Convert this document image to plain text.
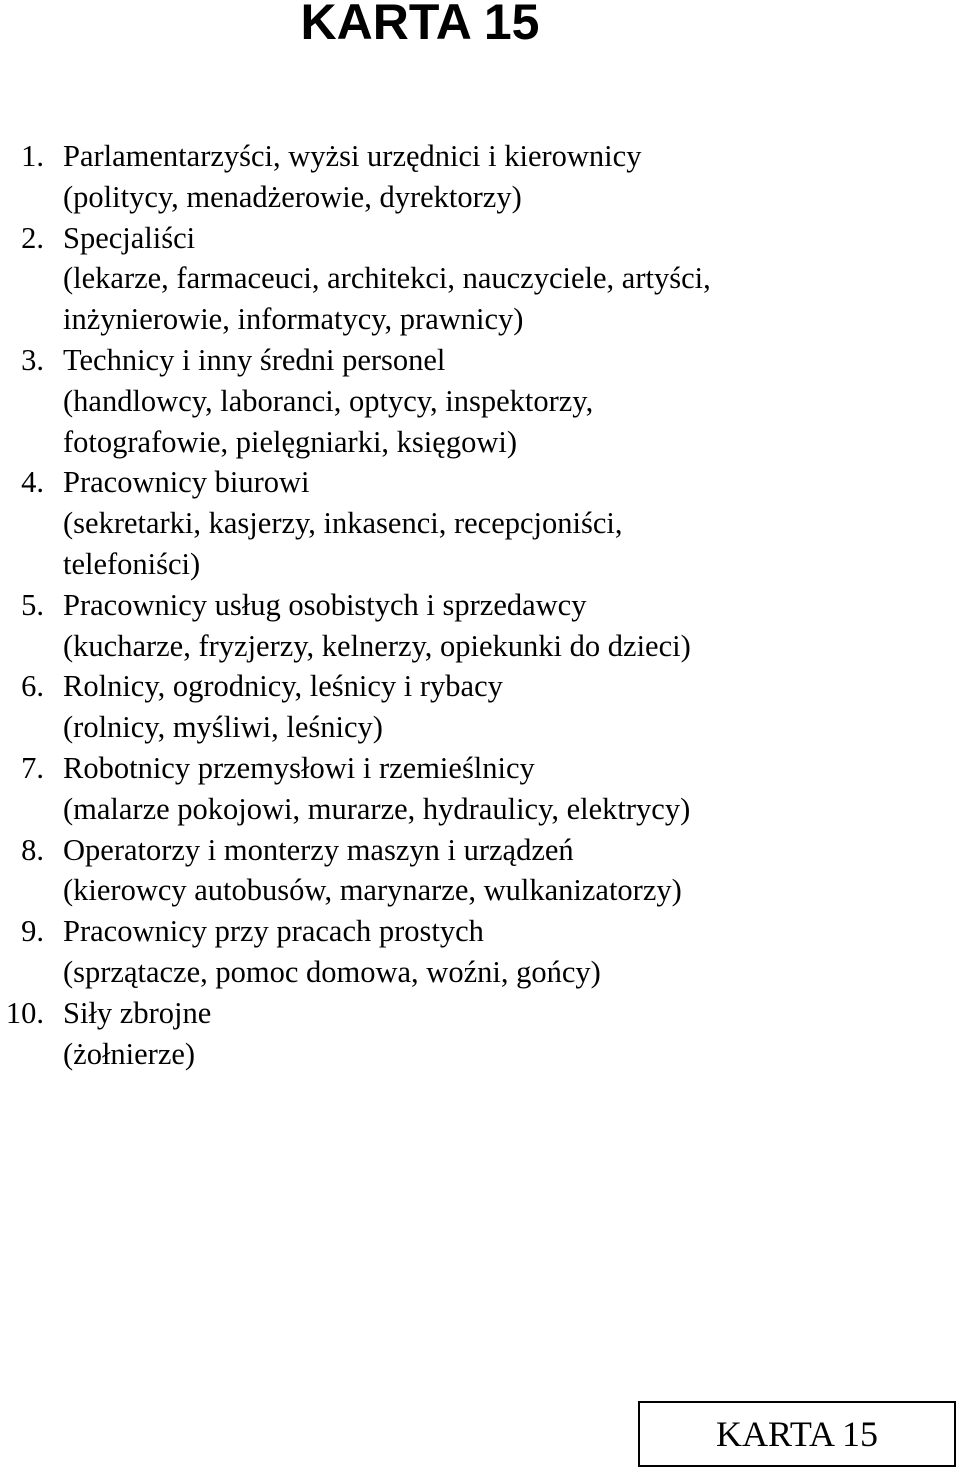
KARTA 15
1. Parlamentarzyści, wyżsi urzędnici i kierownicy
(politycy, menadżerowie, dyrektorzy)
2. Specjaliści
(lekarze, farmaceuci, architekci, nauczyciele, artyści,
inżynierowie, informatycy, prawnicy)
3. Technicy i inny średni personel
(handlowcy, laboranci, optycy, inspektorzy,
fotografowie, pielęgniarki, księgowi)
4. Pracownicy biurowi
(sekretarki, kasjerzy, inkasenci, recepcjoniści,
telefoniści)
5. Pracownicy usług osobistych i sprzedawcy
(kucharze, fryzjerzy, kelnerzy, opiekunki do dzieci)
6. Rolnicy, ogrodnicy, leśnicy i rybacy
(rolnicy, myśliwi, leśnicy)
7. Robotnicy przemysłowi i rzemieślnicy
(malarze pokojowi, murarze, hydraulicy, elektrycy)
8. Operatorzy i monterzy maszyn i urządzeń
(kierowcy autobusów, marynarze, wulkanizatorzy)
9. Pracownicy przy pracach prostych
(sprzątacze, pomoc domowa, woźni, gońcy)
10. Siły zbrojne
(żołnierze)
KARTA 15
